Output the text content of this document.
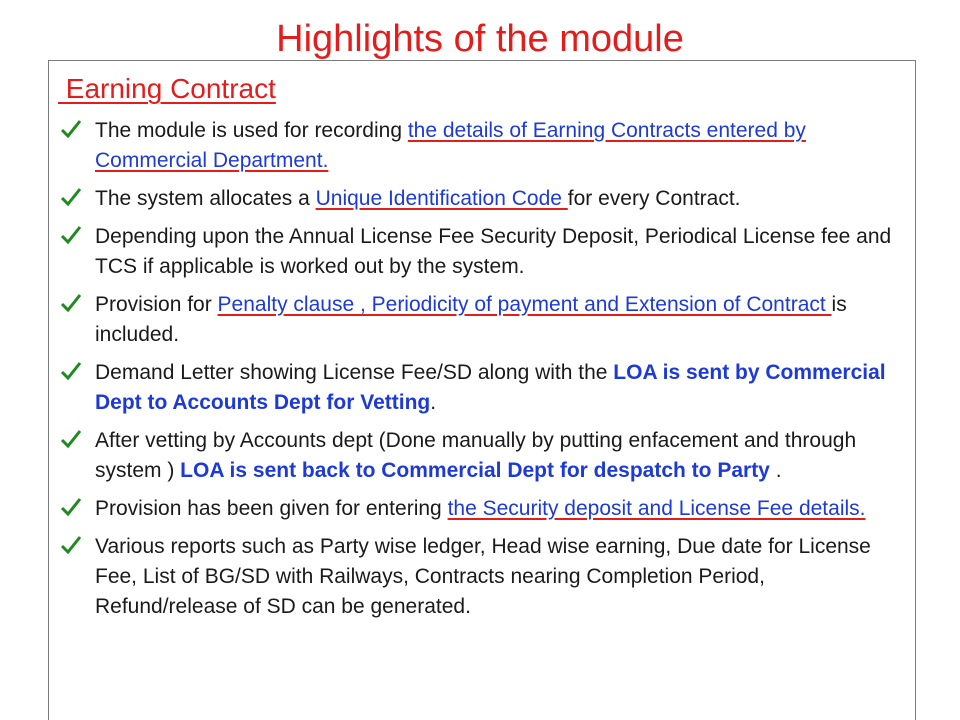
Highlights of the module
Earning Contract
The module is used for recording the details of Earning Contracts entered by Commercial Department.
The system allocates a Unique Identification Code for every Contract.
Depending upon the Annual License Fee Security Deposit, Periodical License fee and TCS if applicable is worked out by the system.
Provision for Penalty clause , Periodicity of payment and Extension of Contract is included.
Demand Letter showing License Fee/SD along with the LOA is sent by Commercial Dept to Accounts Dept for Vetting.
After vetting by Accounts dept (Done manually by putting enfacement and through system ) LOA is sent back to Commercial Dept for despatch to Party .
Provision has been given for entering the Security deposit and License Fee details.
Various reports such as Party wise ledger, Head wise earning, Due date for License Fee, List of BG/SD with Railways, Contracts nearing Completion Period, Refund/release of SD can be generated.
